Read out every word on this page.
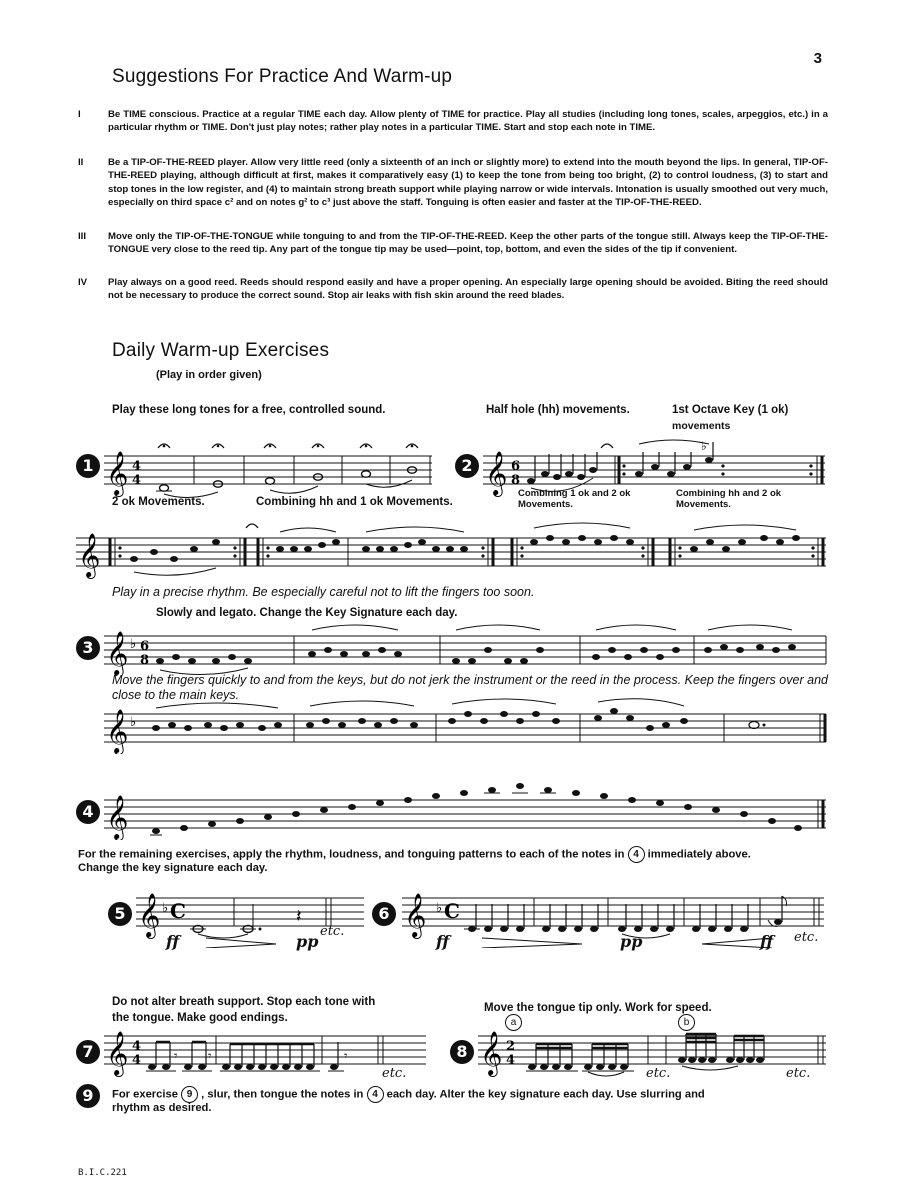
3
Suggestions For Practice And Warm-up
I	Be TIME conscious. Practice at a regular TIME each day. Allow plenty of TIME for practice. Play all studies (including long tones, scales, arpeggios, etc.) in a particular rhythm or TIME. Don't just play notes; rather play notes in a particular TIME. Start and stop each note in TIME.
II	Be a TIP-OF-THE-REED player. Allow very little reed (only a sixteenth of an inch or slightly more) to extend into the mouth beyond the lips. In general, TIP-OF-THE-REED playing, although difficult at first, makes it comparatively easy (1) to keep the tone from being too bright, (2) to control loudness, (3) to start and stop tones in the low register, and (4) to maintain strong breath support while playing narrow or wide intervals. Intonation is usually smoothed out very much, especially on third space c² and on notes g² to c³ just above the staff. Tonguing is often easier and faster at the TIP-OF-THE-REED.
III	Move only the TIP-OF-THE-TONGUE while tonguing to and from the TIP-OF-THE-REED. Keep the other parts of the tongue still. Always keep the TIP-OF-THE-TONGUE very close to the reed tip. Any part of the tongue tip may be used—point, top, bottom, and even the sides of the tip if convenient.
IV	Play always on a good reed. Reeds should respond easily and have a proper opening. An especially large opening should be avoided. Biting the reed should not be necessary to produce the correct sound. Stop air leaks with fish skin around the reed blades.
Daily Warm-up Exercises
(Play in order given)
Play these long tones for a free, controlled sound.	Half hole (hh) movements.	1st Octave Key (1 ok)
movements
1 𝄞 4
4
2 𝄞 6
8
♭
Combining 1 ok and 2 ok
Movements.
Combining hh and 2 ok
Movements.
2 ok Movements.	Combining hh and 1 ok Movements.
𝄞
Play in a precise rhythm. Be especially careful not to lift the fingers too soon.
Slowly and legato. Change the Key Signature each day.
3 𝄞 ♭ 6
8
Move the fingers quickly to and from the keys, but do not jerk the instrument or the reed in the process. Keep the fingers over and close to the main keys.
𝄞 ♭
4 𝄞
For the remaining exercises, apply the rhythm, loudness, and tonguing patterns to each of the notes in 4 immediately above.
Change the key signature each day.
5 𝄞 ♭ C	𝄽
ff	pp
etc.
6 𝄞 ♭ C
ff	pp	ff etc.
Do not alter breath support. Stop each tone with
the tongue. Make good endings.
7 𝄞 4
4	𝄾 𝄾	𝄾
etc.
Move the tongue tip only. Work for speed.
a	b
8 𝄞 2
4
etc.	etc.
9	For exercise 9 , slur, then tongue the notes in 4 each day. Alter the key signature each day. Use slurring and
rhythm as desired.
B.I.C.221
